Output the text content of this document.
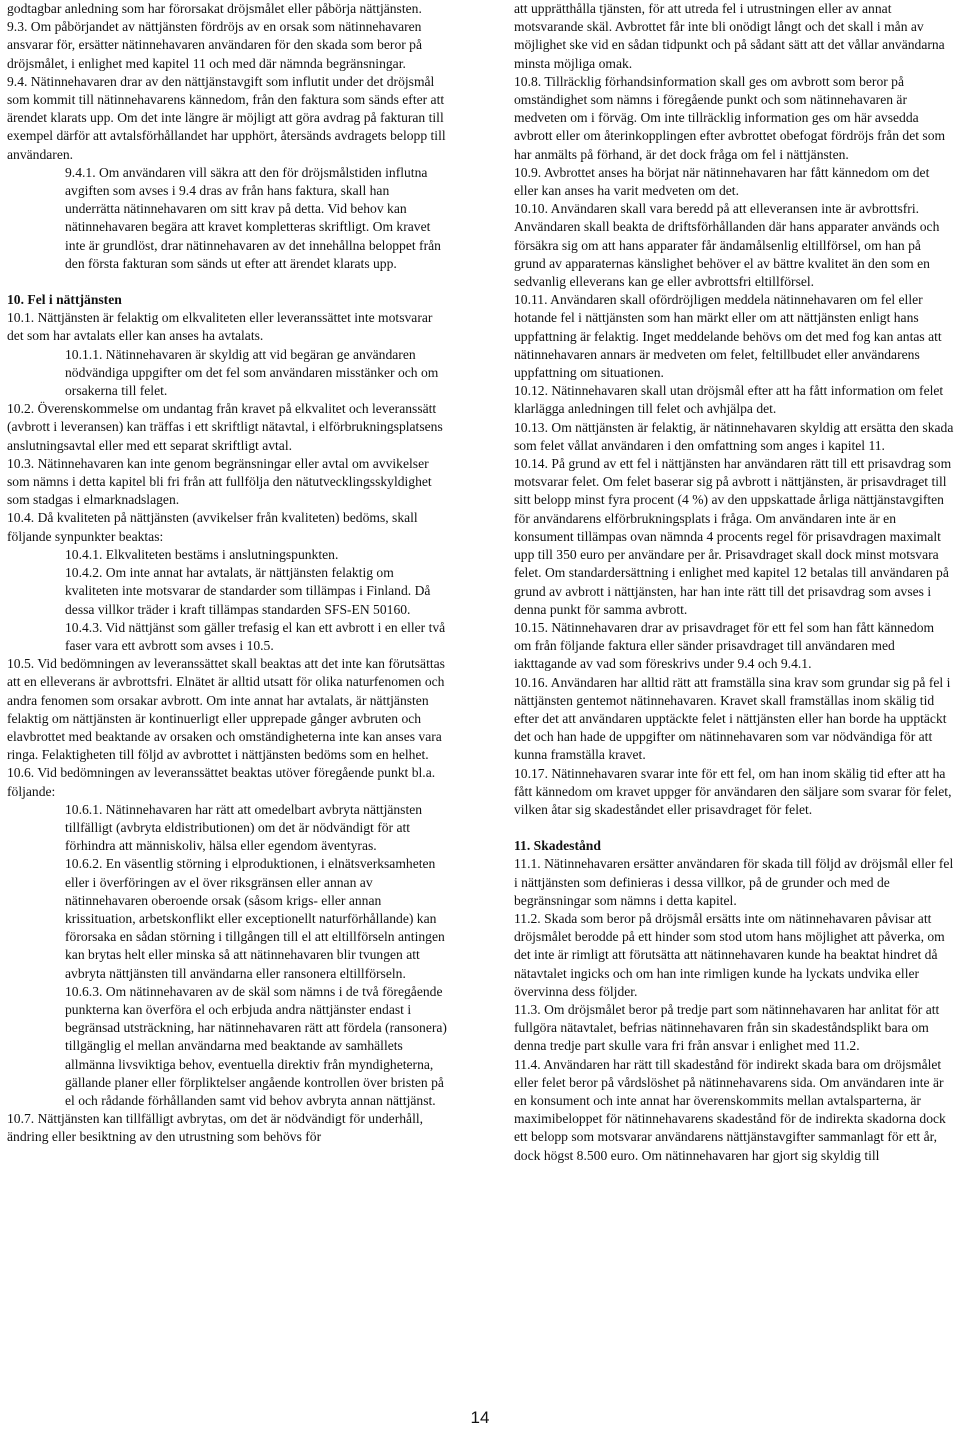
godtagbar anledning som har förorsakat dröjsmålet eller påbörja nättjänsten.

9.3. Om påbörjandet av nättjänsten fördröjs av en orsak som nätinnehavaren ansvarar för, ersätter nätinnehavaren användaren för den skada som beror på dröjsmålet, i enlighet med kapitel 11 och med där nämnda begränsningar.

9.4. Nätinnehavaren drar av den nättjänstavgift som influtit under det dröjsmål som kommit till nätinnehavarens kännedom, från den faktura som sänds efter att ärendet klarats upp. Om det inte längre är möjligt att göra avdrag på fakturan till exempel därför att avtalsförhållandet har upphört, återsänds avdragets belopp till användaren.

9.4.1. Om användaren vill säkra att den för dröjsmålstiden influtna avgiften som avses i 9.4 dras av från hans faktura, skall han underrätta nätinnehavaren om sitt krav på detta. Vid behov kan nätinnehavaren begära att kravet kompletteras skriftligt. Om kravet inte är grundlöst, drar nätinnehavaren av det innehållna beloppet från den första fakturan som sänds ut efter att ärendet klarats upp.

10. Fel i nättjänsten

10.1. Nättjänsten är felaktig om elkvaliteten eller leveranssättet inte motsvarar det som har avtalats eller kan anses ha avtalats.

10.1.1. Nätinnehavaren är skyldig att vid begäran ge användaren nödvändiga uppgifter om det fel som användaren misstänker och om orsakerna till felet.

10.2. Överenskommelse om undantag från kravet på elkvalitet och leveranssätt (avbrott i leveransen) kan träffas i ett skriftligt nätavtal, i elförbrukningsplatsens anslutningsavtal eller med ett separat skriftligt avtal.

10.3. Nätinnehavaren kan inte genom begränsningar eller avtal om avvikelser som nämns i detta kapitel bli fri från att fullfölja den nätutvecklingsskyldighet som stadgas i elmarknadslagen.

10.4. Då kvaliteten på nättjänsten (avvikelser från kvaliteten) bedöms, skall följande synpunkter beaktas:

10.4.1. Elkvaliteten bestäms i anslutningspunkten.

10.4.2. Om inte annat har avtalats, är nättjänsten felaktig om kvaliteten inte motsvarar de standarder som tillämpas i Finland. Då dessa villkor träder i kraft tillämpas standarden SFS-EN 50160.

10.4.3. Vid nättjänst som gäller trefasig el kan ett avbrott i en eller två faser vara ett avbrott som avses i 10.5.

10.5. Vid bedömningen av leveranssättet skall beaktas att det inte kan förutsättas att en elleverans är avbrottsfri. Elnätet är alltid utsatt för olika naturfenomen och andra fenomen som orsakar avbrott. Om inte annat har avtalats, är nättjänsten felaktig om nättjänsten är kontinuerligt eller upprepade gånger avbruten och elavbrottet med beaktande av orsaken och omständigheterna inte kan anses vara ringa. Felaktigheten till följd av avbrottet i nättjänsten bedöms som en helhet.

10.6. Vid bedömningen av leveranssättet beaktas utöver föregående punkt bl.a. följande:

10.6.1. Nätinnehavaren har rätt att omedelbart avbryta nättjänsten tillfälligt (avbryta eldistributionen) om det är nödvändigt för att förhindra att människoliv, hälsa eller egendom äventyras.

10.6.2. En väsentlig störning i elproduktionen, i elnätsverksamheten eller i överföringen av el över riksgränsen eller annan av nätinnehavaren oberoende orsak (såsom krigs- eller annan krissituation, arbetskonflikt eller exceptionellt naturförhållande) kan förorsaka en sådan störning i tillgången till el att eltillförseln antingen kan brytas helt eller minska så att nätinnehavaren blir tvungen att avbryta nättjänsten till användarna eller ransonera eltillförseln.

10.6.3. Om nätinnehavaren av de skäl som nämns i de två föregående punkterna kan överföra el och erbjuda andra nättjänster endast i begränsad utsträckning, har nätinnehavaren rätt att fördela (ransonera) tillgänglig el mellan användarna med beaktande av samhällets allmänna livsviktiga behov, eventuella direktiv från myndigheterna, gällande planer eller förpliktelser angående kontrollen över bristen på el och rådande förhållanden samt vid behov avbryta annan nättjänst.

10.7. Nättjänsten kan tillfälligt avbrytas, om det är nödvändigt för underhåll, ändring eller besiktning av den utrustning som behövs för

att upprätthålla tjänsten, för att utreda fel i utrustningen eller av annat motsvarande skäl. Avbrottet får inte bli onödigt långt och det skall i mån av möjlighet ske vid en sådan tidpunkt och på sådant sätt att det vållar användarna minsta möjliga omak.

10.8. Tillräcklig förhandsinformation skall ges om avbrott som beror på omständighet som nämns i föregående punkt och som nätinnehavaren är medveten om i förväg. Om inte tillräcklig information ges om här avsedda avbrott eller om återinkopplingen efter avbrottet obefogat fördröjs från det som har anmälts på förhand, är det dock fråga om fel i nättjänsten.

10.9. Avbrottet anses ha börjat när nätinnehavaren har fått kännedom om det eller kan anses ha varit medveten om det.

10.10. Användaren skall vara beredd på att elleveransen inte är avbrottsfri. Användaren skall beakta de driftsförhållanden där hans apparater används och försäkra sig om att hans apparater får ändamålsenlig eltillförsel, om han på grund av apparaternas känslighet behöver el av bättre kvalitet än den som en sedvanlig elleverans kan ge eller avbrottsfri eltillförsel.

10.11. Användaren skall ofördröjligen meddela nätinnehavaren om fel eller hotande fel i nättjänsten som han märkt eller om att nättjänsten enligt hans uppfattning är felaktig. Inget meddelande behövs om det med fog kan antas att nätinnehavaren annars är medveten om felet, feltillbudet eller användarens uppfattning om situationen.

10.12. Nätinnehavaren skall utan dröjsmål efter att ha fått information om felet klarlägga anledningen till felet och avhjälpa det.

10.13. Om nättjänsten är felaktig, är nätinnehavaren skyldig att ersätta den skada som felet vållat användaren i den omfattning som anges i kapitel 11.

10.14. På grund av ett fel i nättjänsten har användaren rätt till ett prisavdrag som motsvarar felet. Om felet baserar sig på avbrott i nättjänsten, är prisavdraget till sitt belopp minst fyra procent (4 %) av den uppskattade årliga nättjänstavgiften för användarens elförbrukningsplats i fråga. Om användaren inte är en konsument tillämpas ovan nämnda 4 procents regel för prisavdragen maximalt upp till 350 euro per användare per år. Prisavdraget skall dock minst motsvara felet. Om standardersättning i enlighet med kapitel 12 betalas till användaren på grund av avbrott i nättjänsten, har han inte rätt till det prisavdrag som avses i denna punkt för samma avbrott.

10.15. Nätinnehavaren drar av prisavdraget för ett fel som han fått kännedom om från följande faktura eller sänder prisavdraget till användaren med iakttagande av vad som föreskrivs under 9.4 och 9.4.1.

10.16. Användaren har alltid rätt att framställa sina krav som grundar sig på fel i nättjänsten gentemot nätinnehavaren. Kravet skall framställas inom skälig tid efter det att användaren upptäckte felet i nättjänsten eller han borde ha upptäckt det och han hade de uppgifter om nätinnehavaren som var nödvändiga för att kunna framställa kravet.

10.17. Nätinnehavaren svarar inte för ett fel, om han inom skälig tid efter att ha fått kännedom om kravet uppger för användaren den säljare som svarar för felet, vilken åtar sig skadeståndet eller prisavdraget för felet.

11. Skadestånd

11.1. Nätinnehavaren ersätter användaren för skada till följd av dröjsmål eller fel i nättjänsten som definieras i dessa villkor, på de grunder och med de begränsningar som nämns i detta kapitel.

11.2. Skada som beror på dröjsmål ersätts inte om nätinnehavaren påvisar att dröjsmålet berodde på ett hinder som stod utom hans möjlighet att påverka, om det inte är rimligt att förutsätta att nätinnehavaren kunde ha beaktat hindret då nätavtalet ingicks och om han inte rimligen kunde ha lyckats undvika eller övervinna dess följder.

11.3. Om dröjsmålet beror på tredje part som nätinnehavaren har anlitat för att fullgöra nätavtalet, befrias nätinnehavaren från sin skadeståndsplikt bara om denna tredje part skulle vara fri från ansvar i enlighet med 11.2.

11.4. Användaren har rätt till skadestånd för indirekt skada bara om dröjsmålet eller felet beror på vårdslöshet på nätinnehavarens sida. Om användaren inte är en konsument och inte annat har överenskommits mellan avtalsparterna, är maximibeloppet för nätinnehavarens skadestånd för de indirekta skadorna dock ett belopp som motsvarar användarens nättjänstavgifter sammanlagt för ett år, dock högst 8.500 euro. Om nätinnehavaren har gjort sig skyldig till

14
